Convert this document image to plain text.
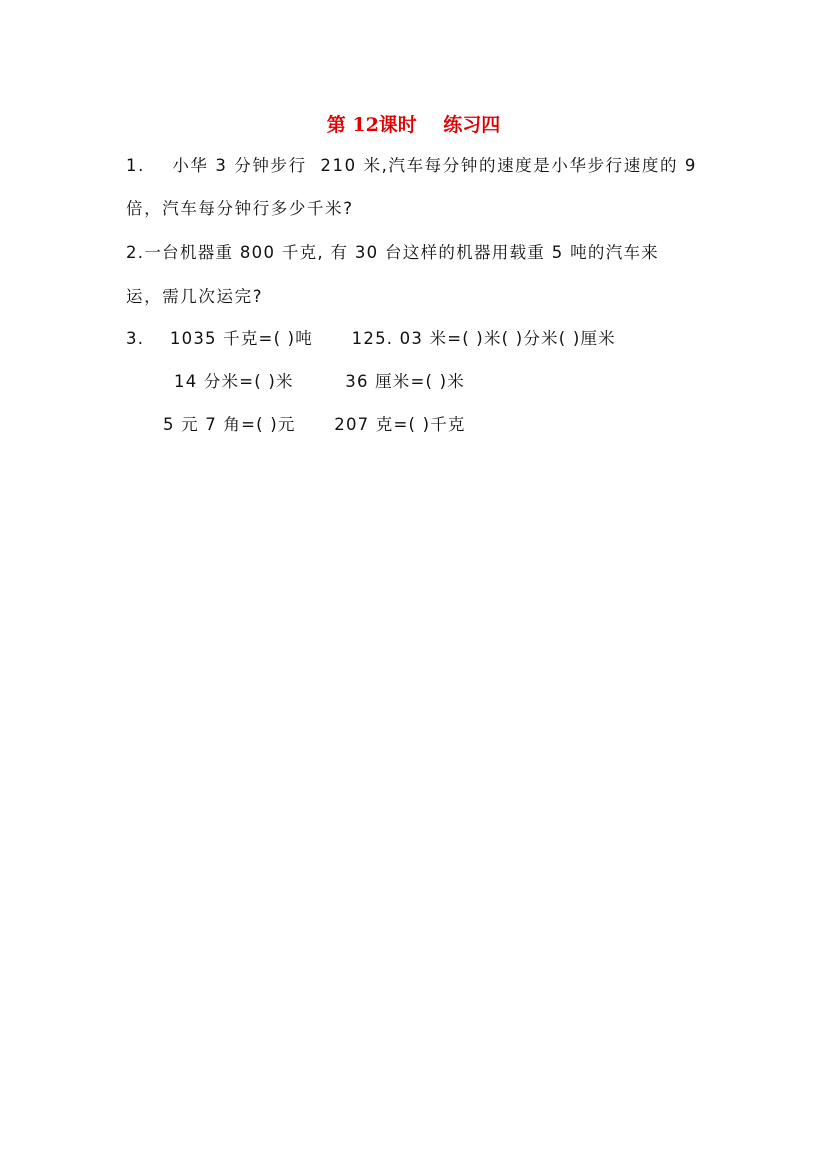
第 12课时    练习四
1.    小华 3 分钟步行  210 米,汽车每分钟的速度是小华步行速度的 9
倍，汽车每分钟行多少千米?
2.一台机器重 800 千克, 有 30 台这样的机器用载重 5 吨的汽车来
运，需几次运完?
3.    1035 千克=( )吨      125. 03 米=( )米( )分米( )厘米
14 分米=( )米        36 厘米=( )米
5 元 7 角=( )元      207 克=( )千克
